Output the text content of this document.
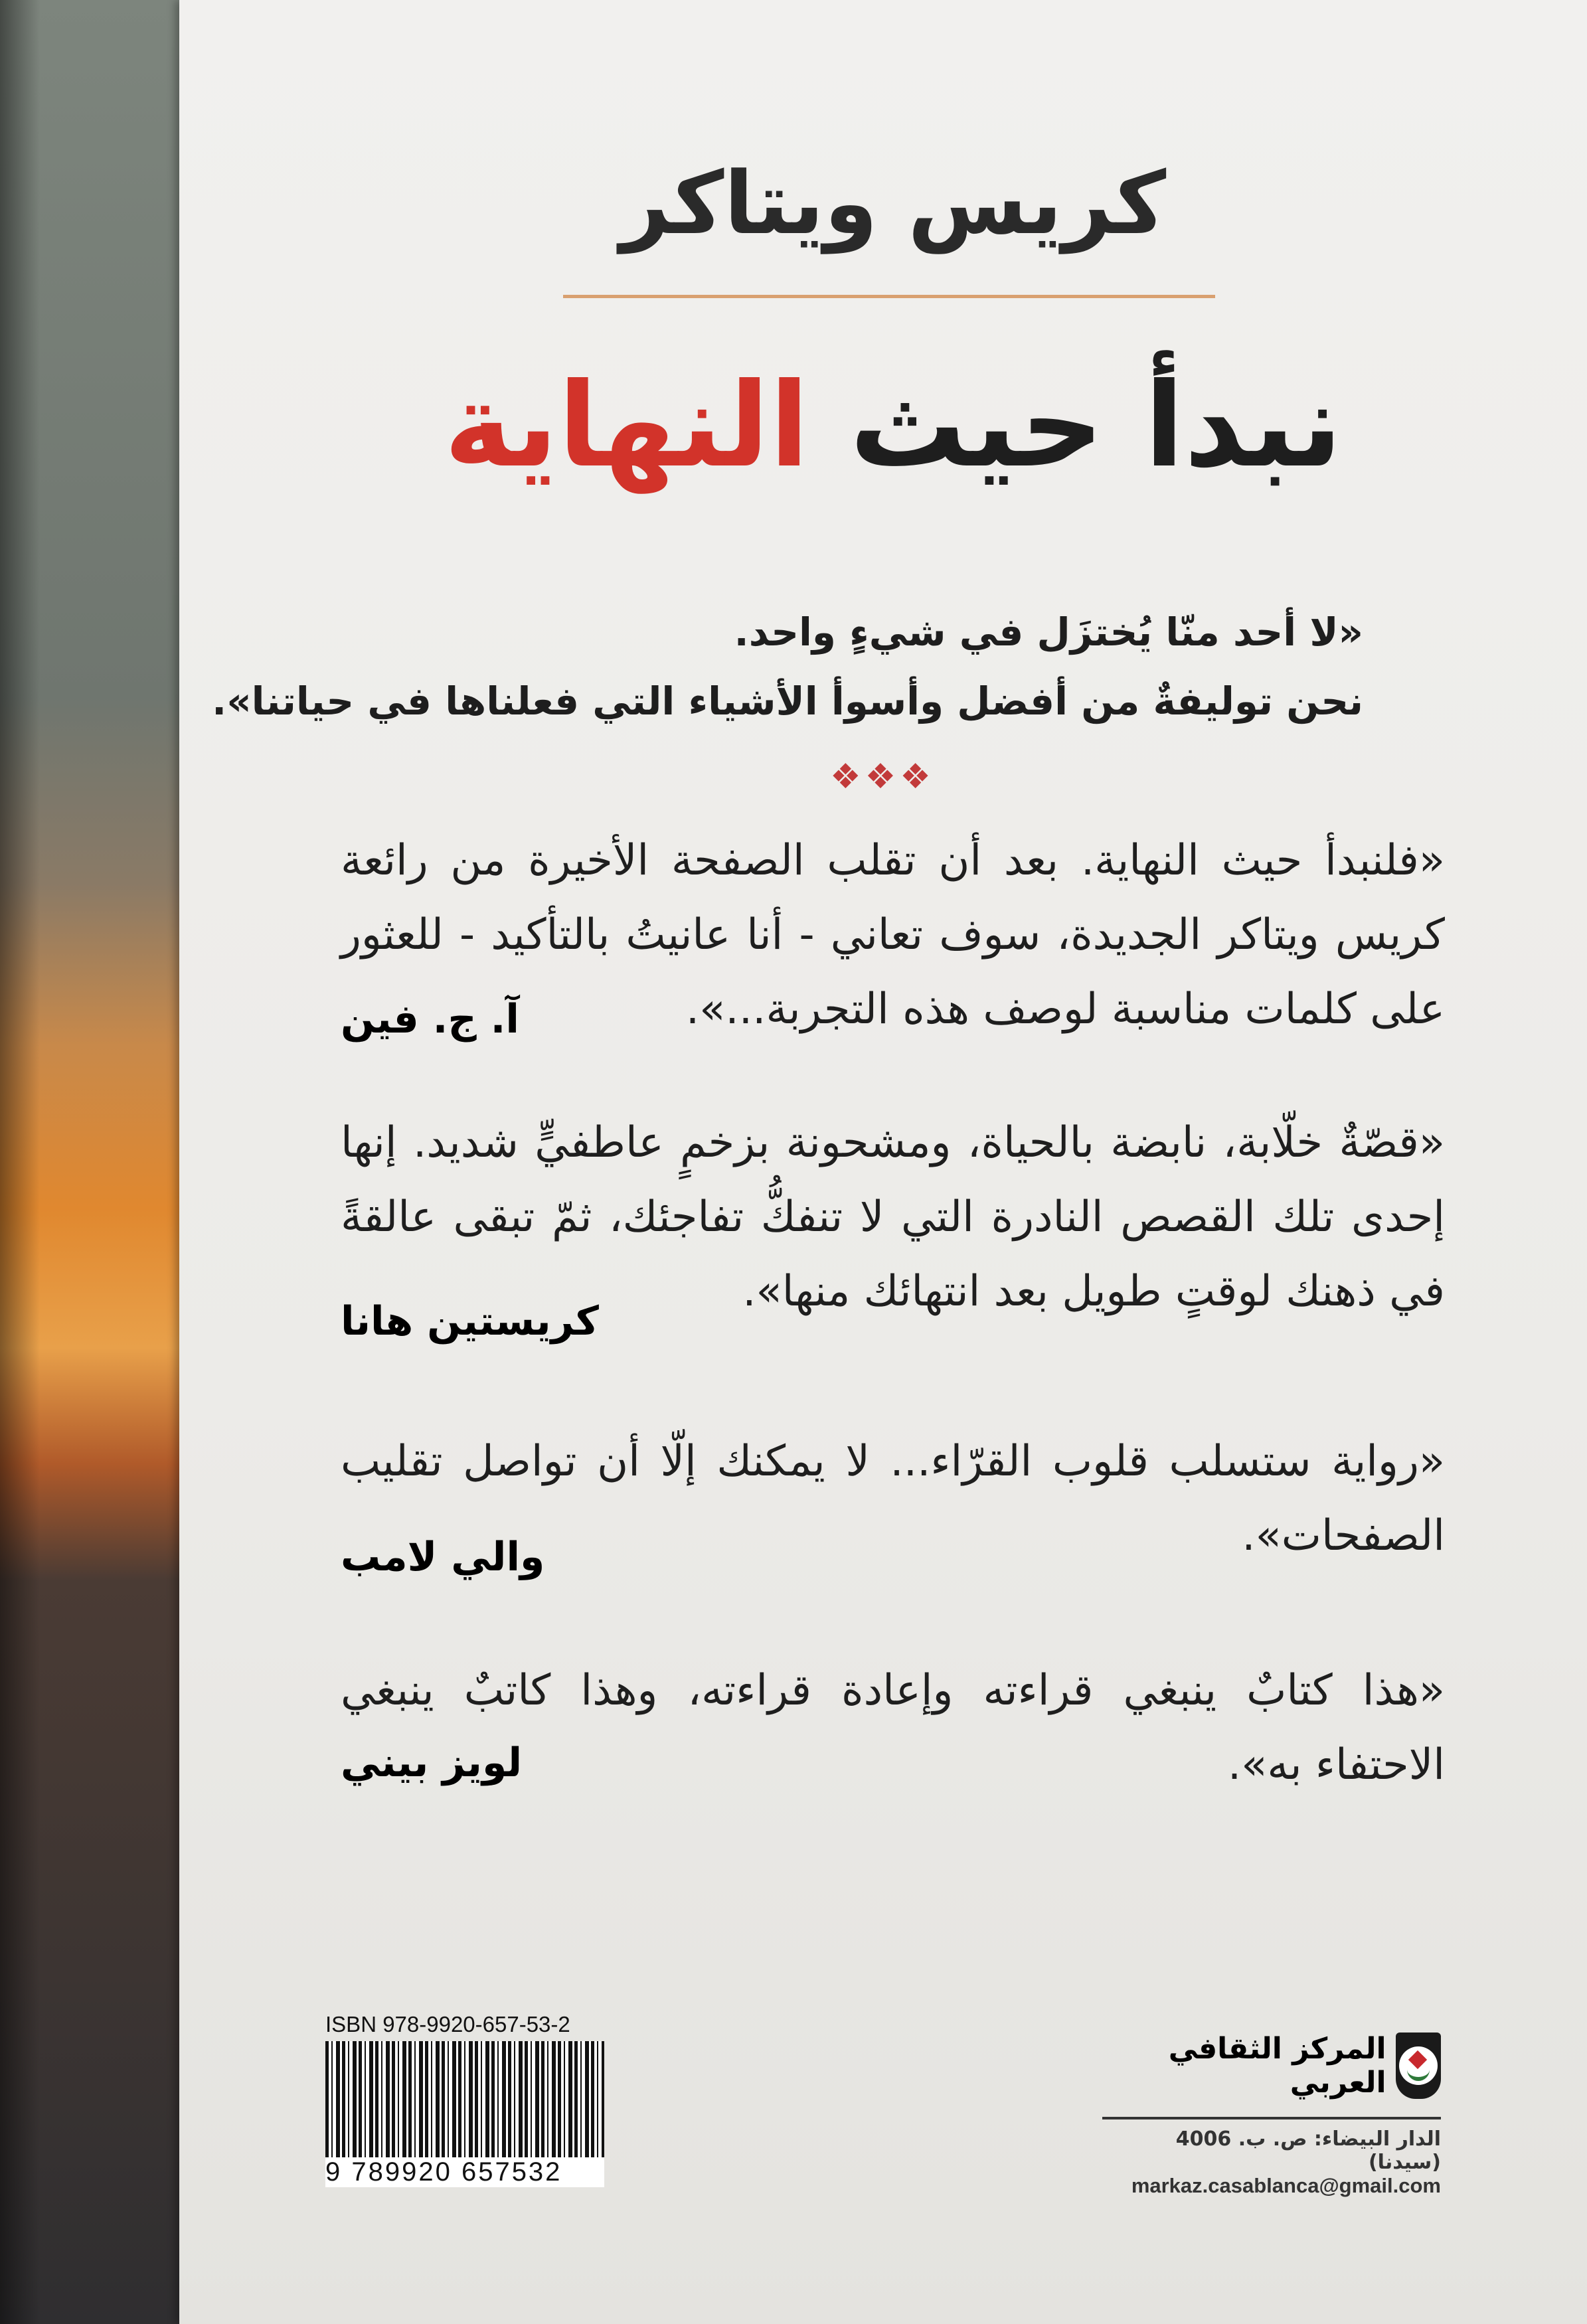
كريس ويتاكر
نبدأ حيث النهاية
«لا أحد منّا يُختزَل في شيءٍ واحد.
نحن توليفةٌ من أفضل وأسوأ الأشياء التي فعلناها في حياتنا».
❖❖❖
«فلنبدأ حيث النهاية. بعد أن تقلب الصفحة الأخيرة من رائعة كريس ويتاكر الجديدة، سوف تعاني - أنا عانيتُ بالتأكيد - للعثور على كلمات مناسبة لوصف هذه التجربة...».
آ. ج. فين
«قصّةٌ خلّابة، نابضة بالحياة، ومشحونة بزخمٍ عاطفيٍّ شديد. إنها إحدى تلك القصص النادرة التي لا تنفكُّ تفاجئك، ثمّ تبقى عالقةً في ذهنك لوقتٍ طويل بعد انتهائك منها».
كريستين هانا
«رواية ستسلب قلوب القرّاء... لا يمكنك إلّا أن تواصل تقليب الصفحات».
والي لامب
«هذا كتابٌ ينبغي قراءته وإعادة قراءته، وهذا كاتبٌ ينبغي الاحتفاء به».
لويز بيني
ISBN 978-9920-657-53-2
9 789920 657532
المركز الثقافي العربي
الدار البيضاء: ص. ب. 4006 (سيدنا)
markaz.casablanca@gmail.com
